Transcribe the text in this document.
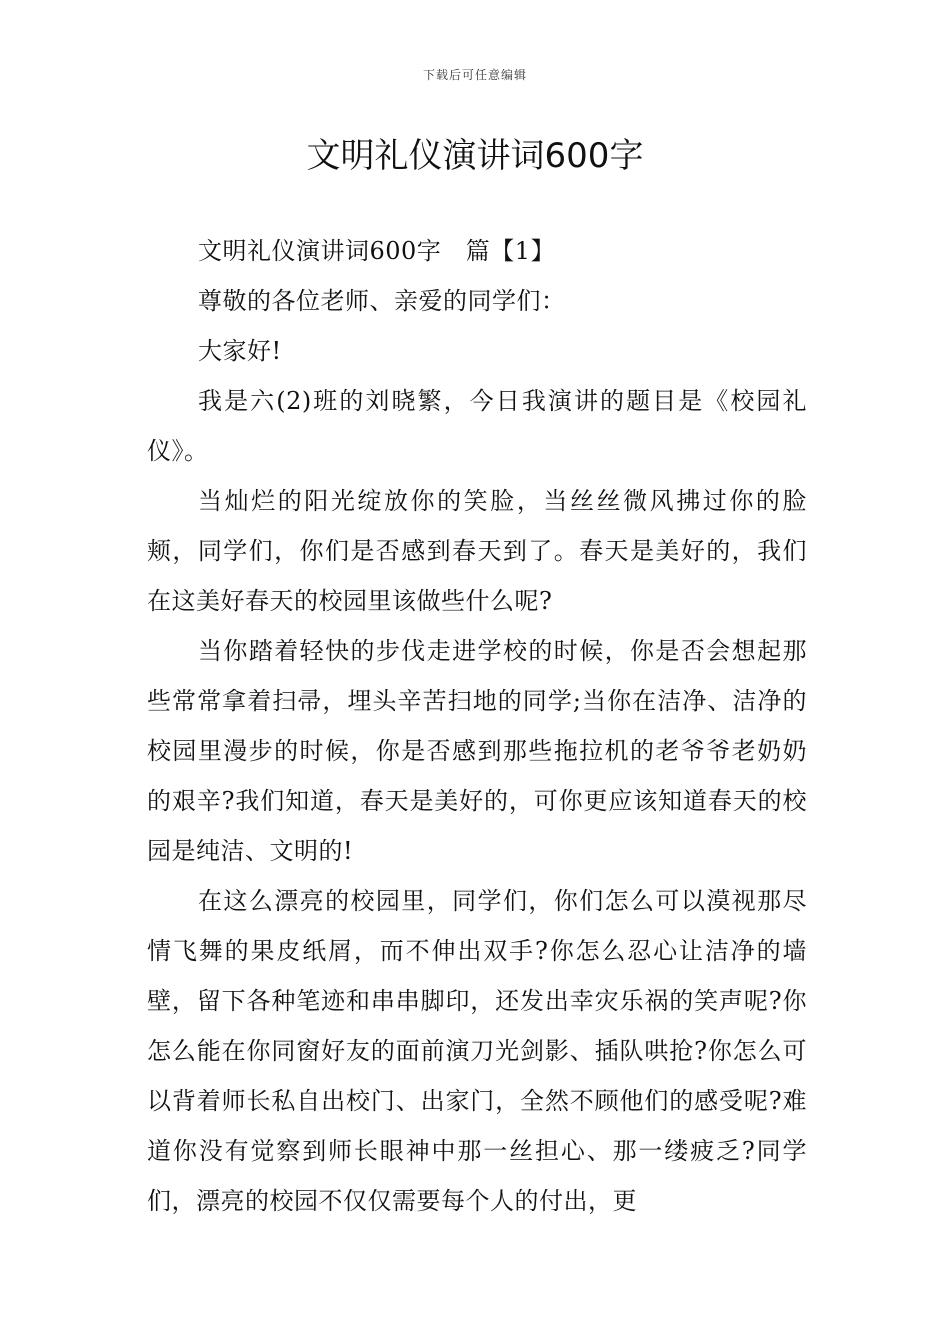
下载后可任意编辑
文明礼仪演讲词600字

文明礼仪演讲词600字　篇【1】

尊敬的各位老师、亲爱的同学们：

大家好!

我是六(2)班的刘晓繁，今日我演讲的题目是《校园礼仪》。

当灿烂的阳光绽放你的笑脸，当丝丝微风拂过你的脸颊，同学们，你们是否感到春天到了。春天是美好的，我们在这美好春天的校园里该做些什么呢?

当你踏着轻快的步伐走进学校的时候，你是否会想起那些常常拿着扫帚，埋头辛苦扫地的同学;当你在洁净、洁净的校园里漫步的时候，你是否感到那些拖拉机的老爷爷老奶奶的艰辛?我们知道，春天是美好的，可你更应该知道春天的校园是纯洁、文明的!

在这么漂亮的校园里，同学们，你们怎么可以漠视那尽情飞舞的果皮纸屑，而不伸出双手?你怎么忍心让洁净的墙壁，留下各种笔迹和串串脚印，还发出幸灾乐祸的笑声呢?你怎么能在你同窗好友的面前演刀光剑影、插队哄抢?你怎么可以背着师长私自出校门、出家门，全然不顾他们的感受呢?难道你没有觉察到师长眼神中那一丝担心、那一缕疲乏?同学们，漂亮的校园不仅仅需要每个人的付出，更
